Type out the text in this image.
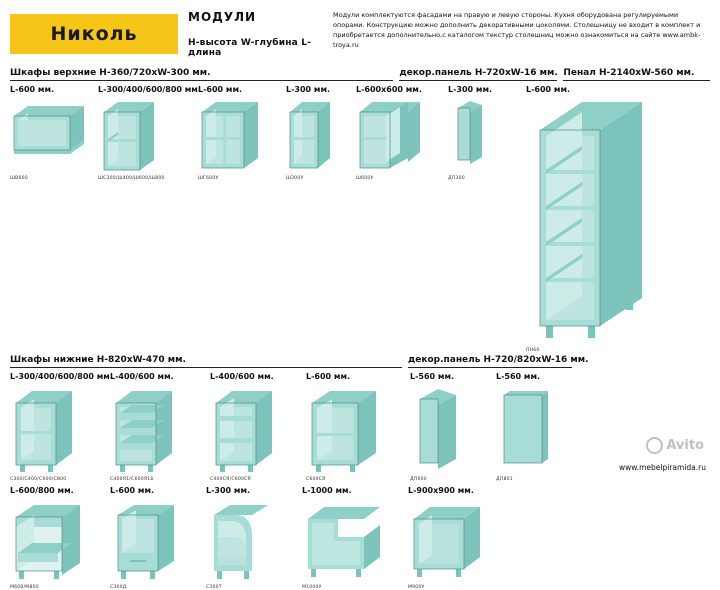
Николь
МОДУЛИ
H-высота W-глубина L-длина
Модули комплектуются фасадами на правую и левую стороны. Кухня оборудована регулируемыми опорами. Конструкцию можно дополнить декоративными цоколями. Столешницу не входит в комплект и приобретается дополнительно,с каталогом текстур столешниц можно ознакомиться на сайте www.ambk-troya.ru
Шкафы верхние H-360/720xW-300 мм.	декор.панель H-720xW-16 мм. Пенал H-2140xW-560 мм.
L-600 мм.
ШВ600
L-300/400/600/800 мм.
ШС300/Ш400/Ш600/Ш800
L-600 мм.
ШГ600У
L-300 мм.
Ш300У
L-600x600 мм.
Ш600У
L-300 мм.
ДП300
L-600 мм.
ПН60
Шкафы нижние H-820xW-470 мм.	декор.панель H-720/820xW-16 мм.
L-300/400/600/800 мм.
С300/С400/С600/С800
L-400/600 мм.
С400Я1/С600Я1Б
L-400/600 мм.
С400СЯ/С600СЯ
L-600 мм.
С600СЯ
L-560 мм.
ДП600
L-560 мм.
ДП801
L-600/800 мм.
М600/М800
L-600 мм.
СЗ60Д
L-300 мм.
СЗ00Т
L-1000 мм.
М1000У
L-900x900 мм.
М900У
Avito
www.mebelpiramida.ru
